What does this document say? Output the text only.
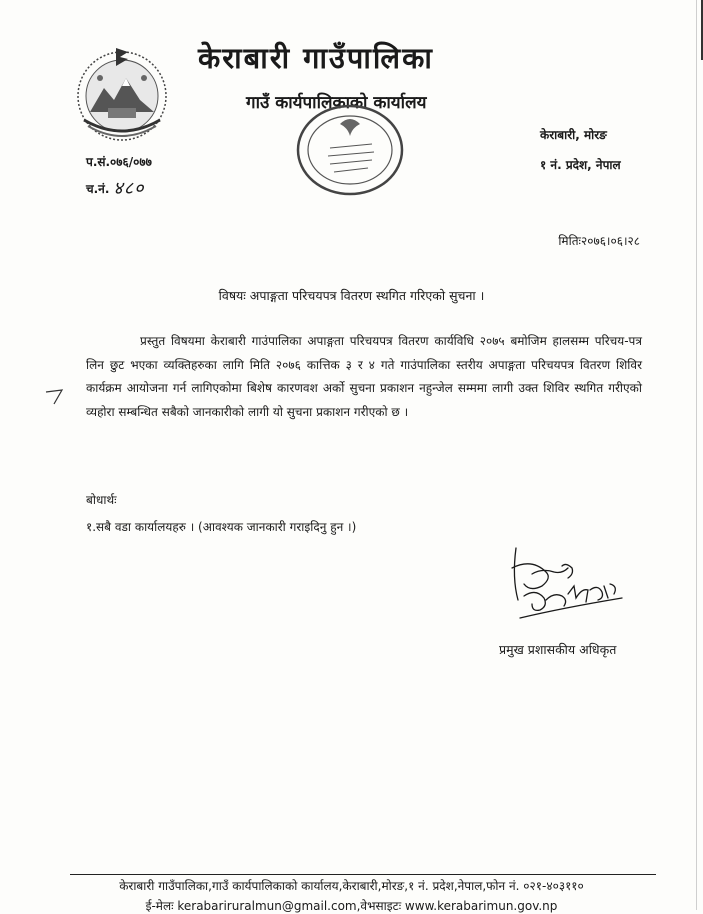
केराबारी गाउँपालिका
गाउँ कार्यपालिकाको कार्यालय
केराबारी, मोरङ
१ नं. प्रदेश, नेपाल
प.सं.०७६/०७७
च.नं. ४८०
मितिः२०७६।०६।२८
विषयः अपाङ्गता परिचयपत्र वितरण स्थगित गरिएको सुचना ।
प्रस्तुत विषयमा केराबारी गाउंपालिका अपाङ्गता परिचयपत्र वितरण कार्यविधि २०७५ बमोजिम हालसम्म परिचय-पत्र लिन छुट भएका व्यक्तिहरुका लागि मिति २०७६ कात्तिक ३ र ४ गते गाउंपालिका स्तरीय अपाङ्गता परिचयपत्र वितरण शिविर कार्यक्रम आयोजना गर्न लागिएकोमा बिशेष कारणवश अर्को सुचना प्रकाशन नहुन्जेल सम्ममा लागी उक्त शिविर स्थगित गरीएको व्यहोरा सम्बन्धित सबैको जानकारीको लागी यो सुचना प्रकाशन गरीएको छ ।
बोधार्थः
१.सबै वडा कार्यालयहरु । (आवश्यक जानकारी गराइदिनु हुन ।)
प्रमुख प्रशासकीय अधिकृत
केराबारी गाउँपालिका,गाउँ कार्यपालिकाको कार्यालय,केराबारी,मोरङ,१ नं. प्रदेश,नेपाल,फोन नं. ०२१-४०३११०
ई-मेलः kerabariruralmun@gmail.com,वेभसाइटः www.kerabarimun.gov.np
